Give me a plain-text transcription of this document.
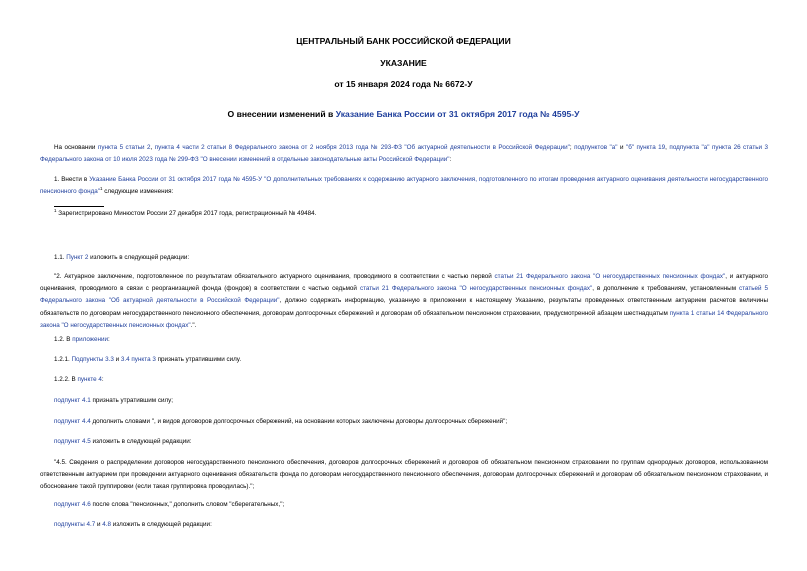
ЦЕНТРАЛЬНЫЙ БАНК РОССИЙСКОЙ ФЕДЕРАЦИИ
УКАЗАНИЕ
от 15 января 2024 года № 6672-У
О внесении изменений в Указание Банка России от 31 октября 2017 года № 4595-У
На основании пункта 5 статьи 2, пункта 4 части 2 статьи 8 Федерального закона от 2 ноября 2013 года № 293-ФЗ "Об актуарной деятельности в Российской Федерации"; подпунктов "а" и "б" пункта 19, подпункта "а" пункта 26 статьи 3 Федерального закона от 10 июля 2023 года № 299-ФЗ "О внесении изменений в отдельные законодательные акты Российской Федерации":
1. Внести в Указание Банка России от 31 октября 2017 года № 4595-У "О дополнительных требованиях к содержанию актуарного заключения, подготовленного по итогам проведения актуарного оценивания деятельности негосударственного пенсионного фонда"$^1$ следующие изменения:
$^1$ Зарегистрировано Минюстом России 27 декабря 2017 года, регистрационный № 49484.
1.1. Пункт 2 изложить в следующей редакции:
"2. Актуарное заключение, подготовленное по результатам обязательного актуарного оценивания, проводимого в соответствии с частью первой статьи 21 Федерального закона "О негосударственных пенсионных фондах", и актуарного оценивания, проводимого в связи с реорганизацией фонда (фондов) в соответствии с частью седьмой статьи 21 Федерального закона "О негосударственных пенсионных фондах", в дополнение к требованиям, установленным статьей 5 Федерального закона "Об актуарной деятельности в Российской Федерации", должно содержать информацию, указанную в приложении к настоящему Указанию, результаты проведенных ответственным актуарием расчетов величины обязательств по договорам негосударственного пенсионного обеспечения, договорам долгосрочных сбережений и договорам об обязательном пенсионном страховании, предусмотренной абзацем шестнадцатым пункта 1 статьи 14 Федерального закона "О негосударственных пенсионных фондах".".
1.2. В приложении:
1.2.1. Подпункты 3.3 и 3.4 пункта 3 признать утратившими силу.
1.2.2. В пункте 4:
подпункт 4.1 признать утратившим силу;
подпункт 4.4 дополнить словами ", и видов договоров долгосрочных сбережений, на основании которых заключены договоры долгосрочных сбережений";
подпункт 4.5 изложить в следующей редакции:
"4.5. Сведения о распределении договоров негосударственного пенсионного обеспечения, договоров долгосрочных сбережений и договоров об обязательном пенсионном страховании по группам однородных договоров, использованном ответственным актуарием при проведении актуарного оценивания обязательств фонда по договорам негосударственного пенсионного обеспечения, договорам долгосрочных сбережений и договорам об обязательном пенсионном страховании, и обоснование такой группировки (если такая группировка проводилась).";
подпункт 4.6 после слова "пенсионных," дополнить словом "сберегательных,";
подпункты 4.7 и 4.8 изложить в следующей редакции:
